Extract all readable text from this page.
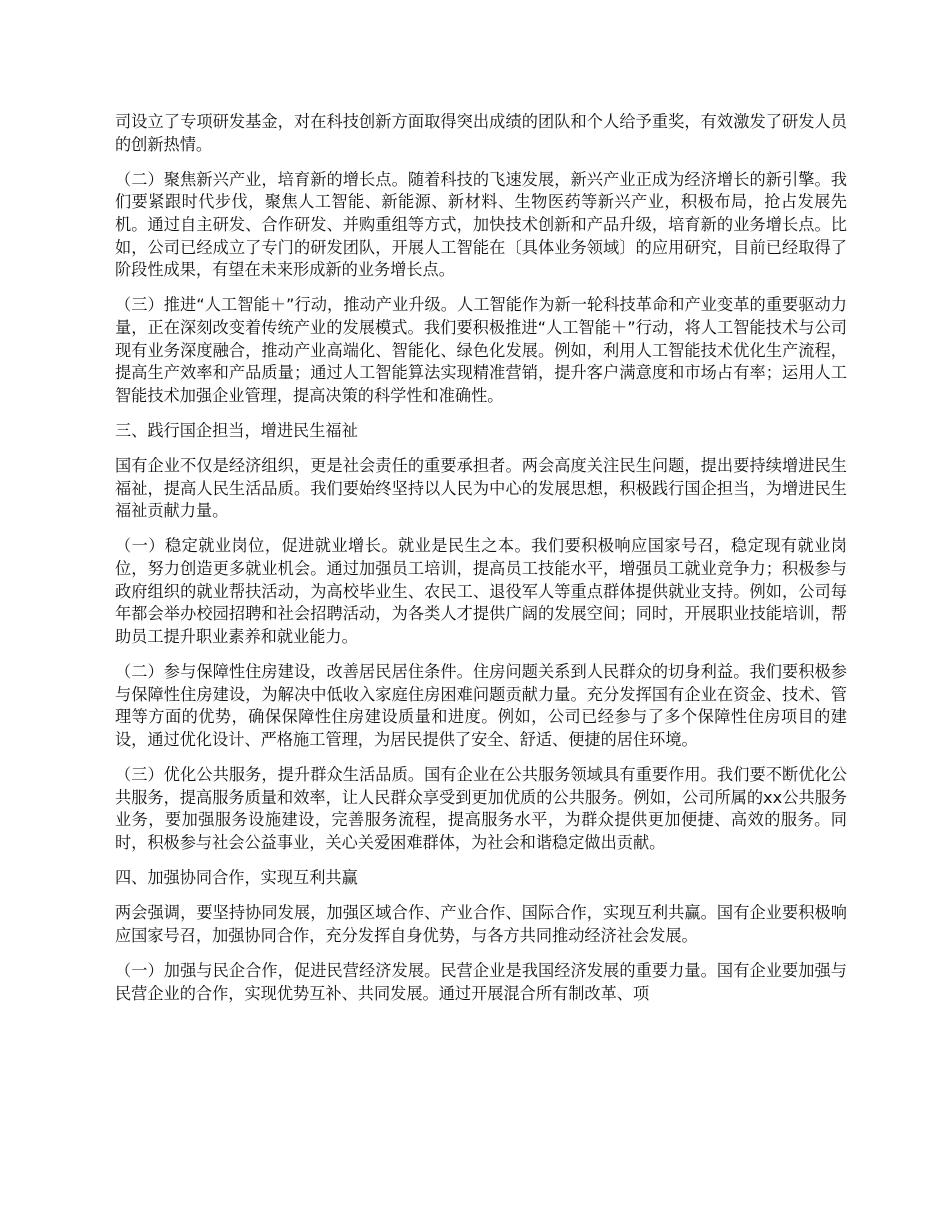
司设立了专项研发基金，对在科技创新方面取得突出成绩的团队和个人给予重奖，有效激发了研发人员的创新热情。

（二）聚焦新兴产业，培育新的增长点。随着科技的飞速发展，新兴产业正成为经济增长的新引擎。我们要紧跟时代步伐，聚焦人工智能、新能源、新材料、生物医药等新兴产业，积极布局，抢占发展先机。通过自主研发、合作研发、并购重组等方式，加快技术创新和产品升级，培育新的业务增长点。比如，公司已经成立了专门的研发团队，开展人工智能在〔具体业务领域〕的应用研究，目前已经取得了阶段性成果，有望在未来形成新的业务增长点。

（三）推进“人工智能＋”行动，推动产业升级。人工智能作为新一轮科技革命和产业变革的重要驱动力量，正在深刻改变着传统产业的发展模式。我们要积极推进“人工智能＋”行动，将人工智能技术与公司现有业务深度融合，推动产业高端化、智能化、绿色化发展。例如，利用人工智能技术优化生产流程，提高生产效率和产品质量；通过人工智能算法实现精准营销，提升客户满意度和市场占有率；运用人工智能技术加强企业管理，提高决策的科学性和准确性。

三、践行国企担当，增进民生福祉

国有企业不仅是经济组织，更是社会责任的重要承担者。两会高度关注民生问题，提出要持续增进民生福祉，提高人民生活品质。我们要始终坚持以人民为中心的发展思想，积极践行国企担当，为增进民生福祉贡献力量。

（一）稳定就业岗位，促进就业增长。就业是民生之本。我们要积极响应国家号召，稳定现有就业岗位，努力创造更多就业机会。通过加强员工培训，提高员工技能水平，增强员工就业竞争力；积极参与政府组织的就业帮扶活动，为高校毕业生、农民工、退役军人等重点群体提供就业支持。例如，公司每年都会举办校园招聘和社会招聘活动，为各类人才提供广阔的发展空间；同时，开展职业技能培训，帮助员工提升职业素养和就业能力。

（二）参与保障性住房建设，改善居民居住条件。住房问题关系到人民群众的切身利益。我们要积极参与保障性住房建设，为解决中低收入家庭住房困难问题贡献力量。充分发挥国有企业在资金、技术、管理等方面的优势，确保保障性住房建设质量和进度。例如，公司已经参与了多个保障性住房项目的建设，通过优化设计、严格施工管理，为居民提供了安全、舒适、便捷的居住环境。

（三）优化公共服务，提升群众生活品质。国有企业在公共服务领域具有重要作用。我们要不断优化公共服务，提高服务质量和效率，让人民群众享受到更加优质的公共服务。例如，公司所属的xx公共服务业务，要加强服务设施建设，完善服务流程，提高服务水平，为群众提供更加便捷、高效的服务。同时，积极参与社会公益事业，关心关爱困难群体，为社会和谐稳定做出贡献。

四、加强协同合作，实现互利共赢

两会强调，要坚持协同发展，加强区域合作、产业合作、国际合作，实现互利共赢。国有企业要积极响应国家号召，加强协同合作，充分发挥自身优势，与各方共同推动经济社会发展。

（一）加强与民企合作，促进民营经济发展。民营企业是我国经济发展的重要力量。国有企业要加强与民营企业的合作，实现优势互补、共同发展。通过开展混合所有制改革、项
